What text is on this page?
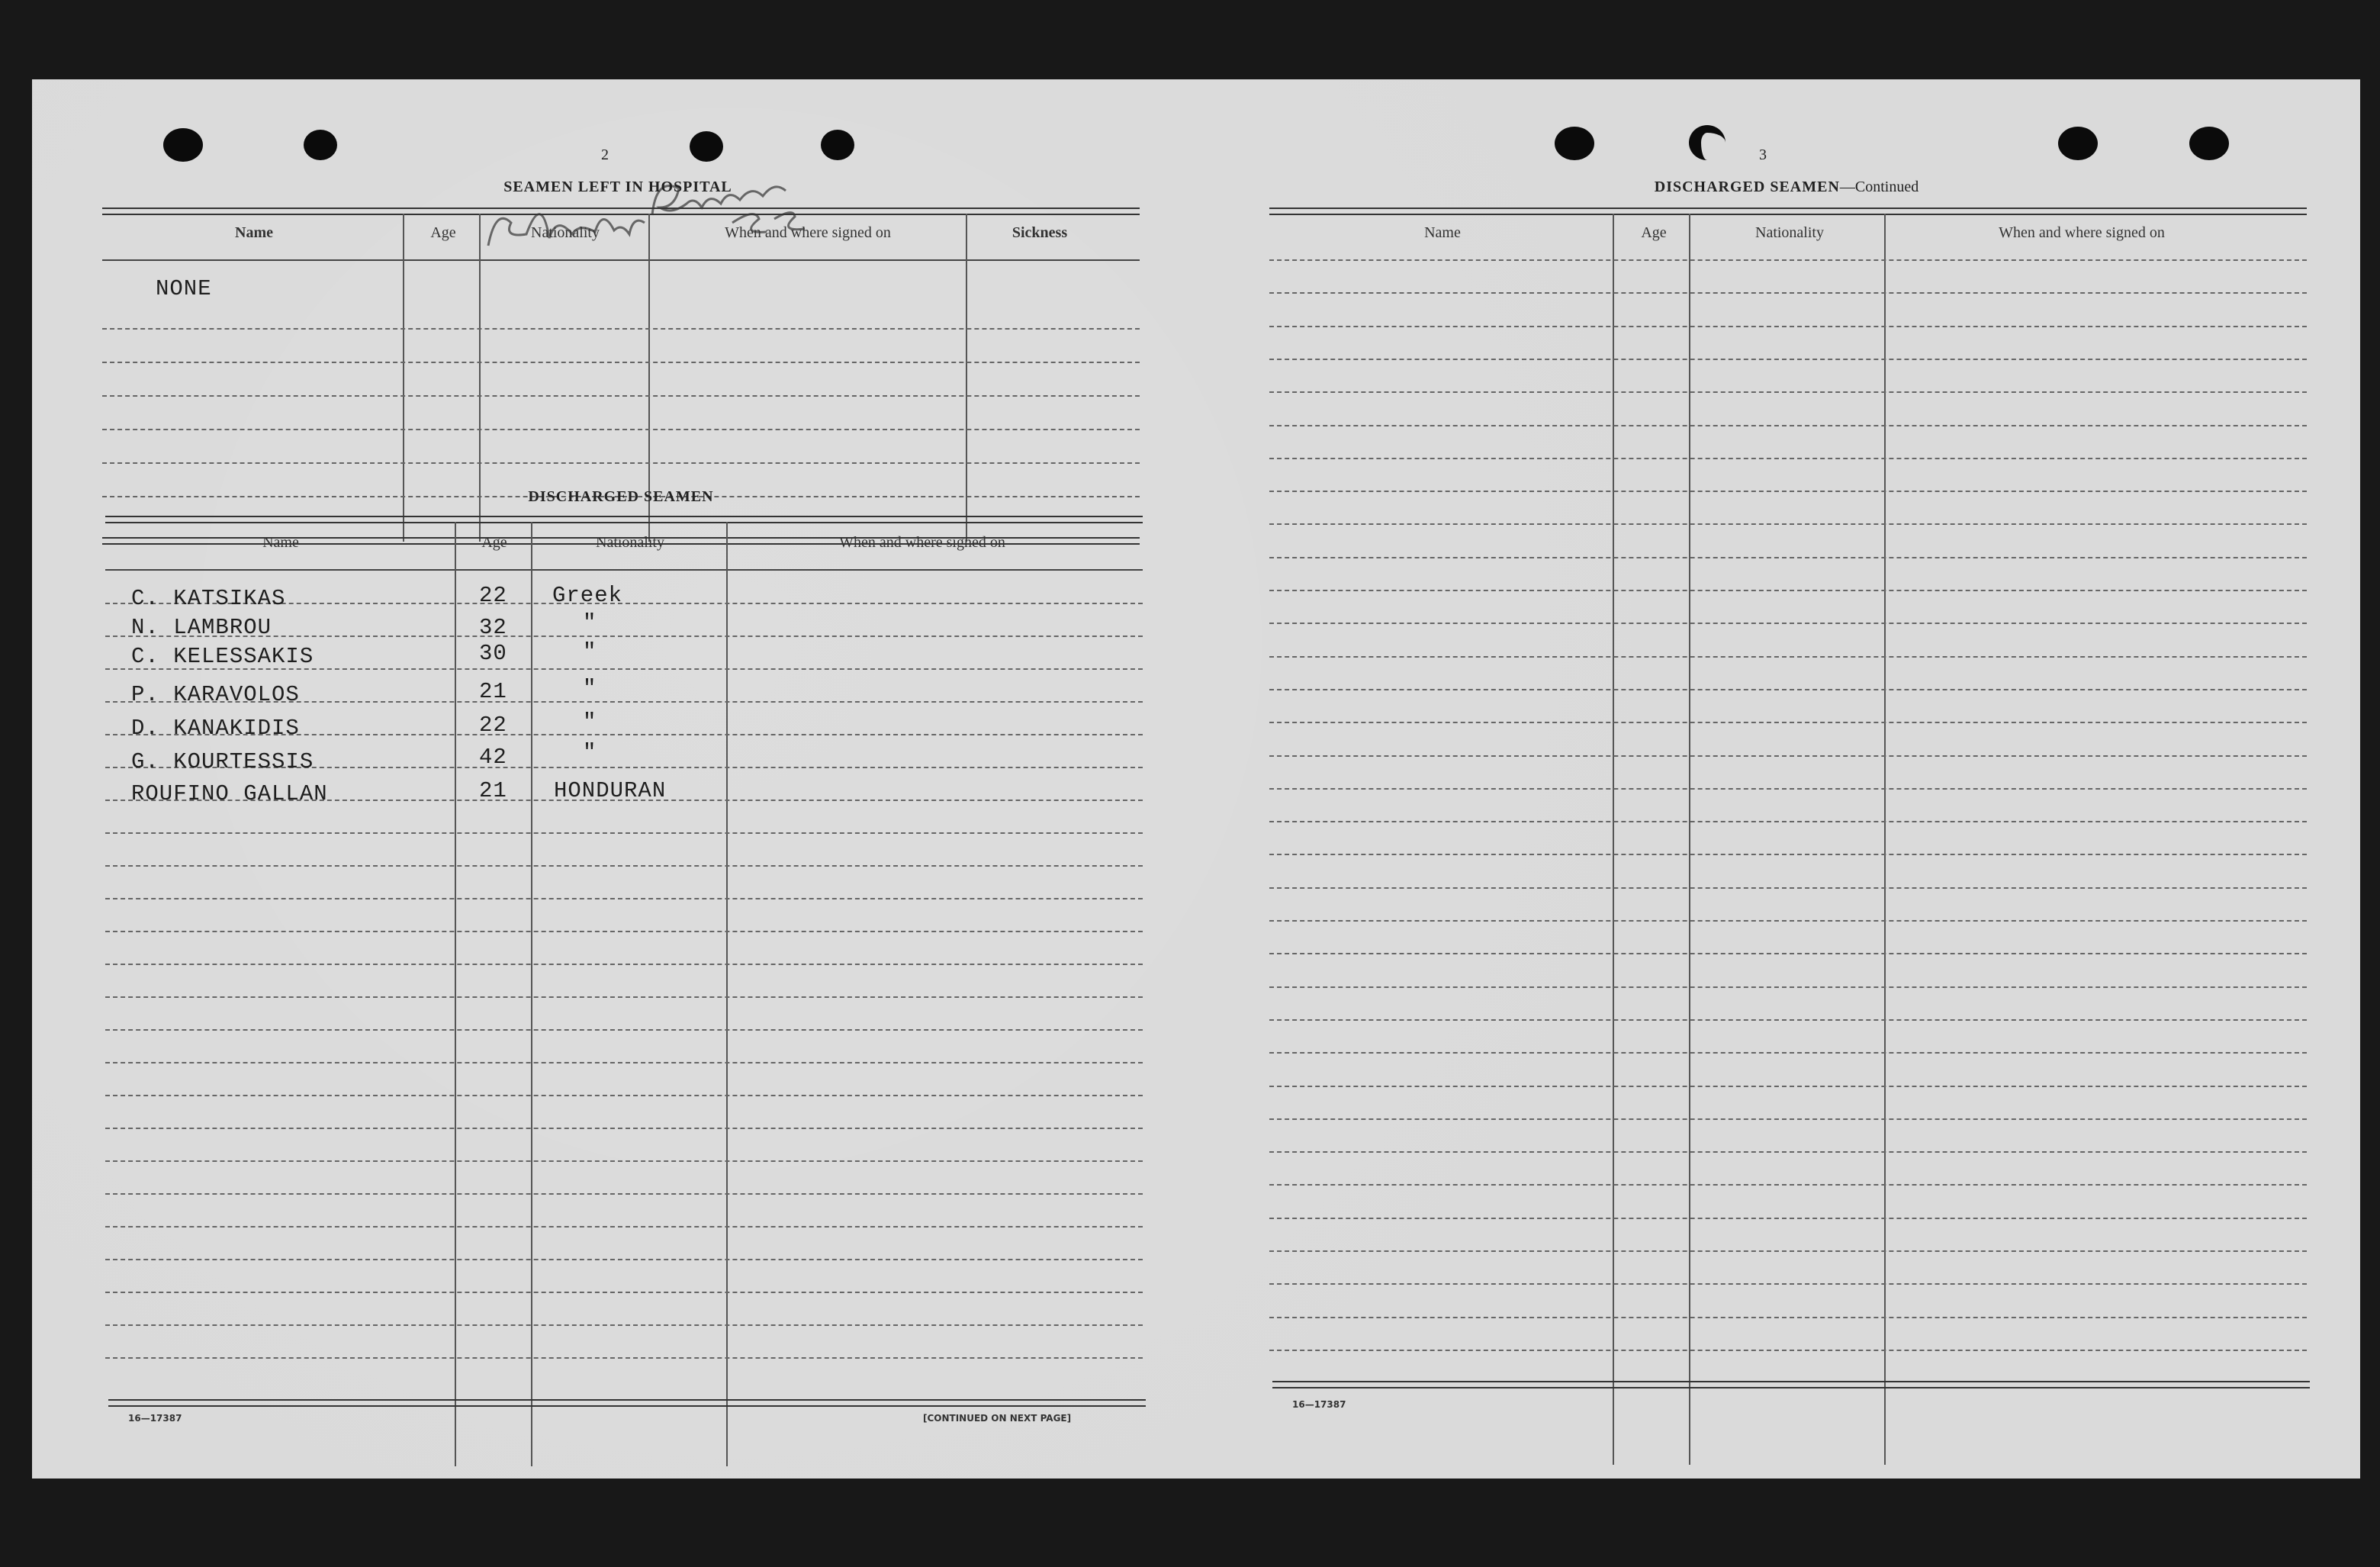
Atlantic Princess 2-22
2
SEAMEN LEFT IN HOSPITAL
Name	Age	Nationality	When and where signed on	Sickness
NONE
DISCHARGED SEAMEN
Name	Age	Nationality	When and where signed on
C. KATSIKAS	22 Greek
N. LAMBROU	32	"
C. KELESSAKIS	30	"
P. KARAVOLOS	21	"
D. KANAKIDIS	22	"
G. KOURTESSIS	42	"
ROUFINO GALLAN	21 HONDURAN
16—17387	[CONTINUED ON NEXT PAGE]
3
DISCHARGED SEAMEN—Continued
Name	Age	Nationality	When and where signed on
16—17387
